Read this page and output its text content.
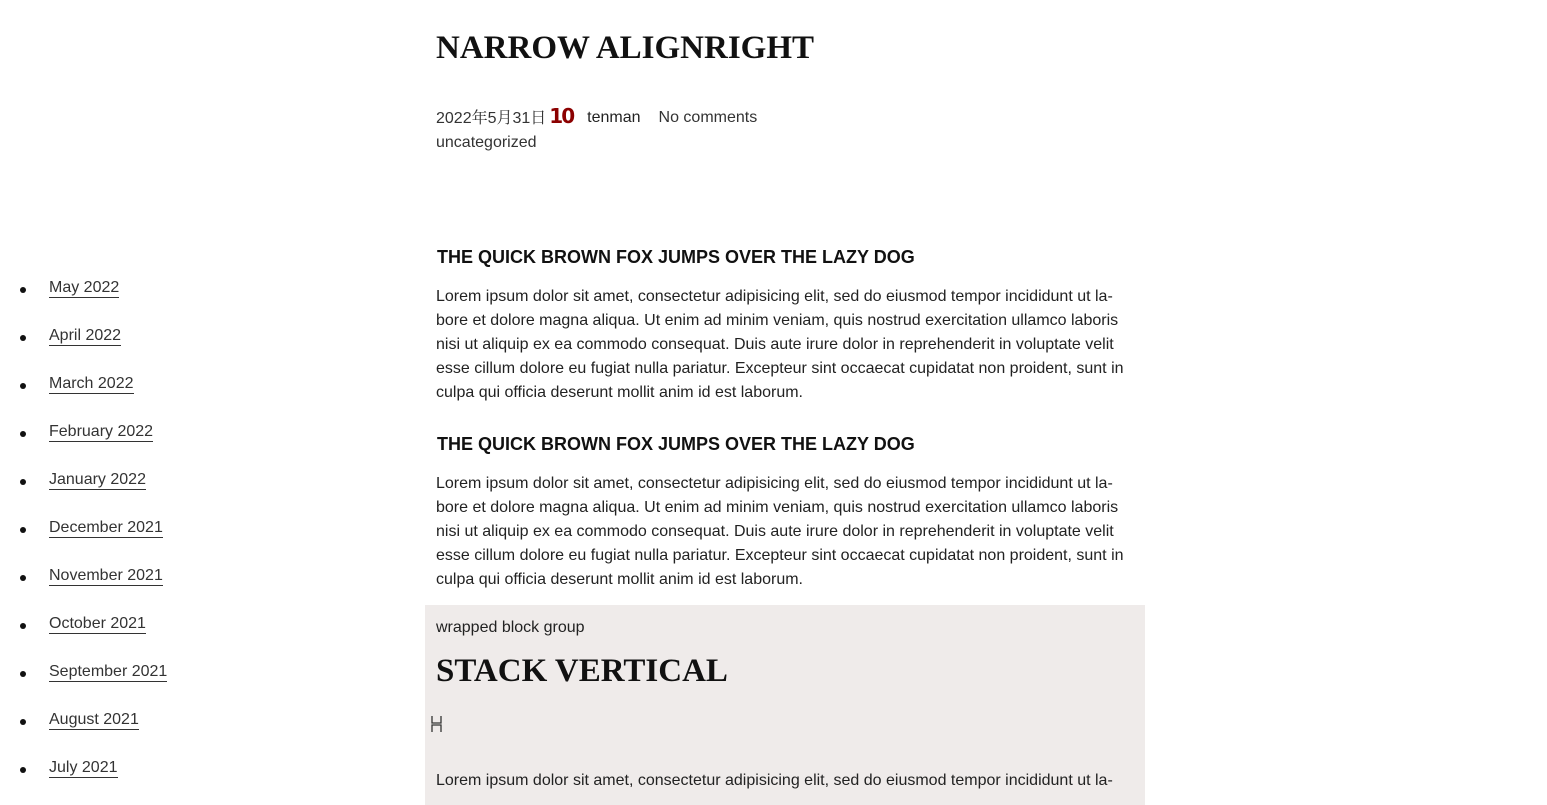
May 2022
April 2022
March 2022
February 2022
January 2022
December 2021
November 2021
October 2021
September 2021
August 2021
July 2021
NARROW ALIGNRIGHT
2022年5月31日 10 tenman No comments
uncategorized
THE QUICK BROWN FOX JUMPS OVER THE LAZY DOG

Lorem ipsum dolor sit amet, consectetur adipisicing elit, sed do eiusmod tempor incididunt ut la-
bore et dolore magna aliqua. Ut enim ad minim veniam, quis nostrud exercitation ullamco laboris
nisi ut aliquip ex ea commodo consequat. Duis aute irure dolor in reprehenderit in voluptate velit
esse cillum dolore eu fugiat nulla pariatur. Excepteur sint occaecat cupidatat non proident, sunt in
culpa qui officia deserunt mollit anim id est laborum.

THE QUICK BROWN FOX JUMPS OVER THE LAZY DOG

Lorem ipsum dolor sit amet, consectetur adipisicing elit, sed do eiusmod tempor incididunt ut la-
bore et dolore magna aliqua. Ut enim ad minim veniam, quis nostrud exercitation ullamco laboris
nisi ut aliquip ex ea commodo consequat. Duis aute irure dolor in reprehenderit in voluptate velit
esse cillum dolore eu fugiat nulla pariatur. Excepteur sint occaecat cupidatat non proident, sunt in
culpa qui officia deserunt mollit anim id est laborum.

wrapped block group
STACK VERTICAL

Lorem ipsum dolor sit amet, consectetur adipisicing elit, sed do eiusmod tempor incididunt ut la-
